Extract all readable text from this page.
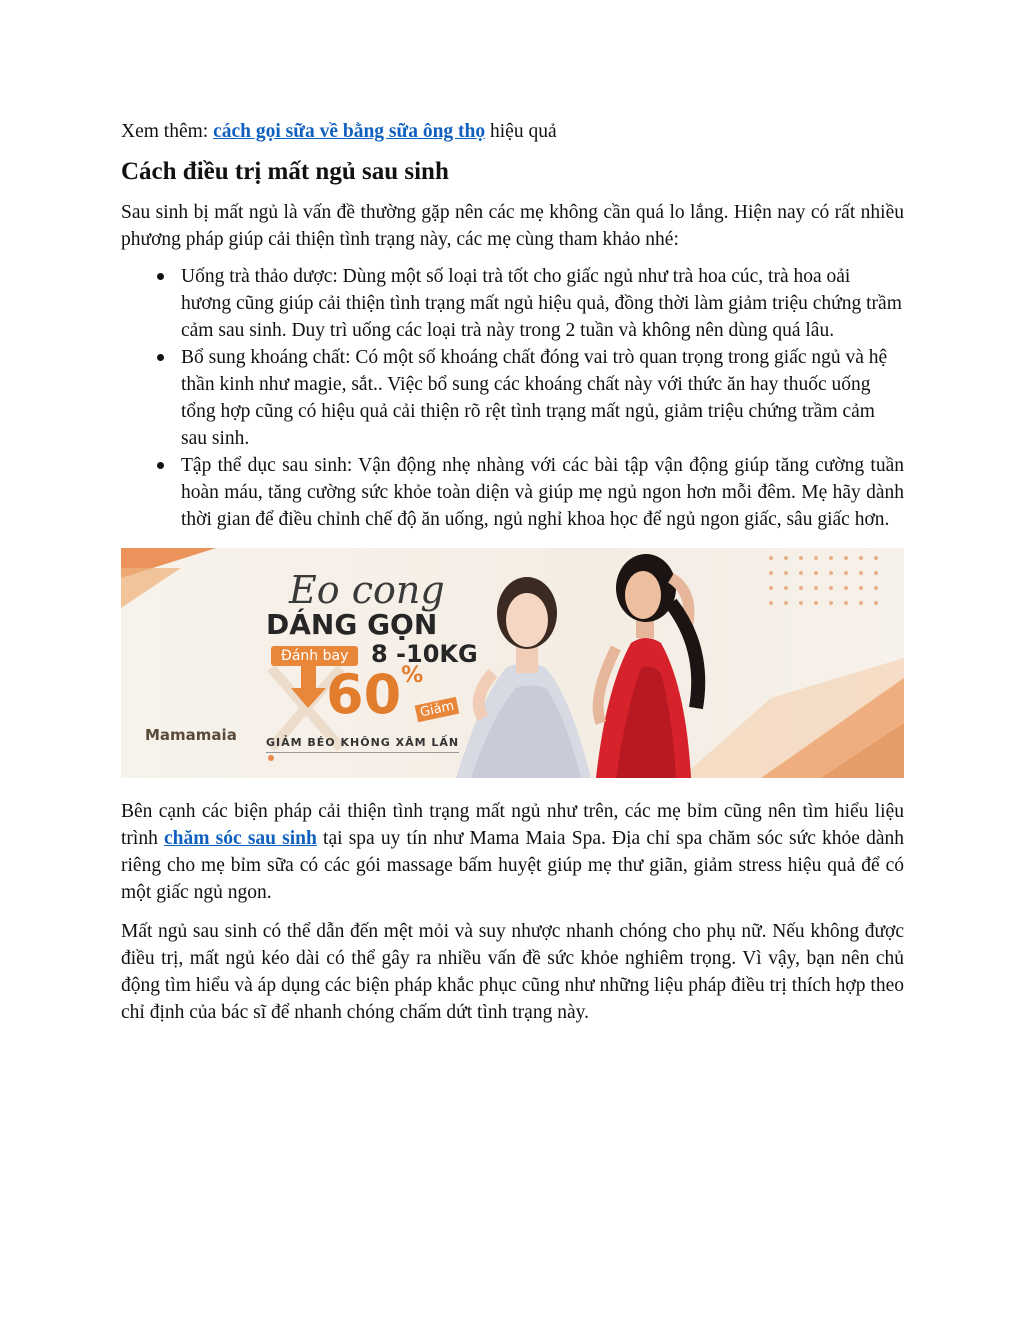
Xem thêm: cách gọi sữa về bằng sữa ông thọ hiệu quả

Cách điều trị mất ngủ sau sinh

Sau sinh bị mất ngủ là vấn đề thường gặp nên các mẹ không cần quá lo lắng. Hiện nay có rất nhiều phương pháp giúp cải thiện tình trạng này, các mẹ cùng tham khảo nhé:

Uống trà thảo dược: Dùng một số loại trà tốt cho giấc ngủ như trà hoa cúc, trà hoa oải hương cũng giúp cải thiện tình trạng mất ngủ hiệu quả, đồng thời làm giảm triệu chứng trầm cảm sau sinh. Duy trì uống các loại trà này trong 2 tuần và không nên dùng quá lâu.
Bổ sung khoáng chất: Có một số khoáng chất đóng vai trò quan trọng trong giấc ngủ và hệ thần kinh như magie, sắt.. Việc bổ sung các khoáng chất này với thức ăn hay thuốc uống tổng hợp cũng có hiệu quả cải thiện rõ rệt tình trạng mất ngủ, giảm triệu chứng trầm cảm sau sinh.
Tập thể dục sau sinh: Vận động nhẹ nhàng với các bài tập vận động giúp tăng cường tuần hoàn máu, tăng cường sức khỏe toàn diện và giúp mẹ ngủ ngon hơn mỗi đêm. Mẹ hãy dành thời gian để điều chỉnh chế độ ăn uống, ngủ nghỉ khoa học để ngủ ngon giấc, sâu giấc hơn.
Eo cong
DÁNG GỌN
Đánh bay 8 -10KG
60%
Giảm
GIẢM BÉO KHÔNG XÂM LẤN
Mamamaia

Bên cạnh các biện pháp cải thiện tình trạng mất ngủ như trên, các mẹ bỉm cũng nên tìm hiểu liệu trình chăm sóc sau sinh tại spa uy tín như Mama Maia Spa. Địa chỉ spa chăm sóc sức khỏe dành riêng cho mẹ bỉm sữa có các gói massage bấm huyệt giúp mẹ thư giãn, giảm stress hiệu quả để có một giấc ngủ ngon.

Mất ngủ sau sinh có thể dẫn đến mệt mỏi và suy nhược nhanh chóng cho phụ nữ. Nếu không được điều trị, mất ngủ kéo dài có thể gây ra nhiều vấn đề sức khỏe nghiêm trọng. Vì vậy, bạn nên chủ động tìm hiểu và áp dụng các biện pháp khắc phục cũng như những liệu pháp điều trị thích hợp theo chỉ định của bác sĩ để nhanh chóng chấm dứt tình trạng này.
